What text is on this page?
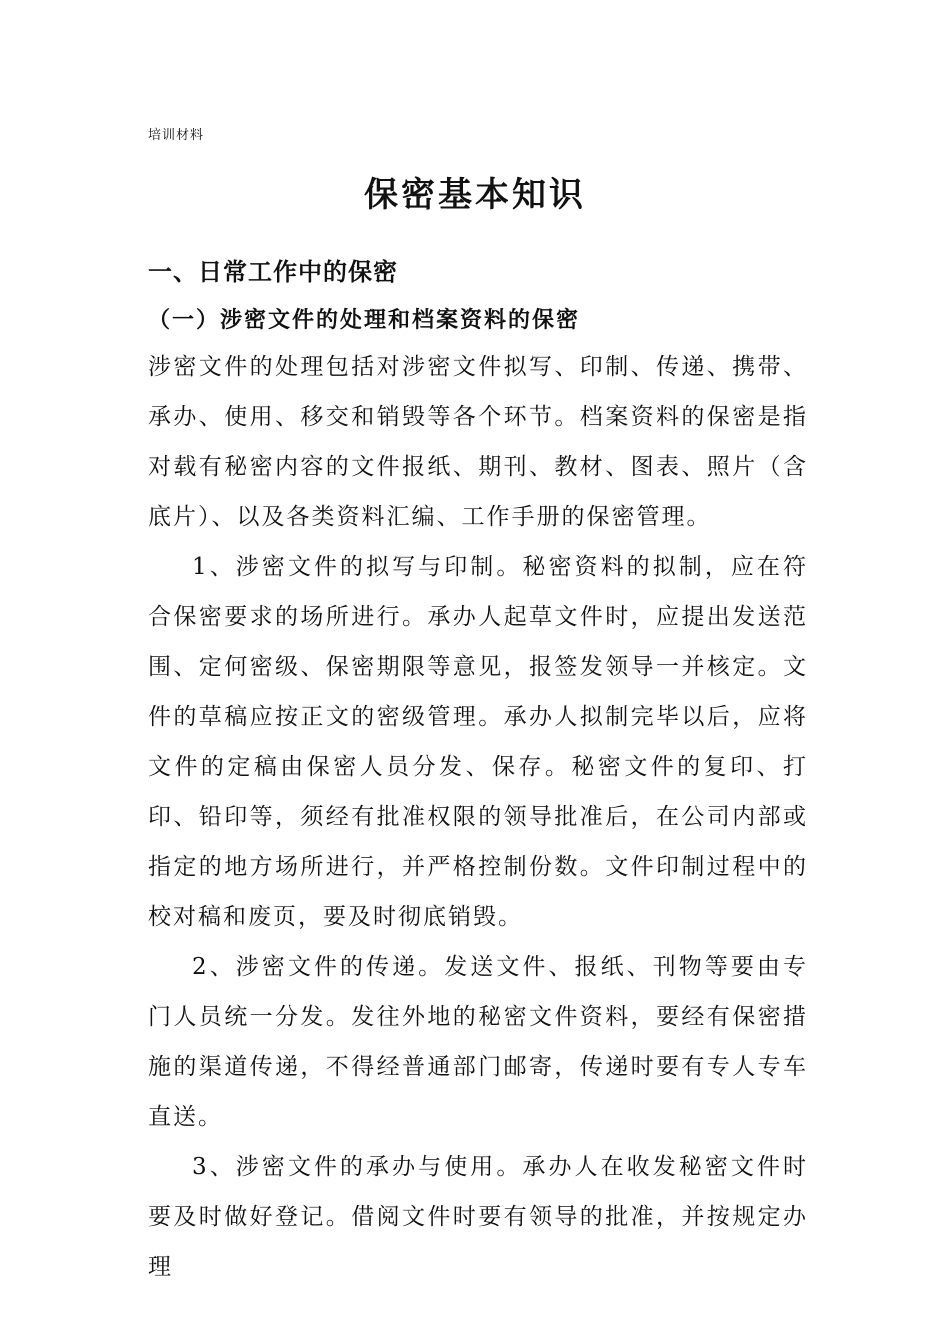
培训材料
保密基本知识
一、日常工作中的保密
（一）涉密文件的处理和档案资料的保密

涉密文件的处理包括对涉密文件拟写、印制、传递、携带、承办、使用、移交和销毁等各个环节。档案资料的保密是指对载有秘密内容的文件报纸、期刊、教材、图表、照片（含底片）、以及各类资料汇编、工作手册的保密管理。

1、涉密文件的拟写与印制。秘密资料的拟制，应在符合保密要求的场所进行。承办人起草文件时，应提出发送范围、定何密级、保密期限等意见，报签发领导一并核定。文件的草稿应按正文的密级管理。承办人拟制完毕以后，应将文件的定稿由保密人员分发、保存。秘密文件的复印、打印、铅印等，须经有批准权限的领导批准后，在公司内部或指定的地方场所进行，并严格控制份数。文件印制过程中的校对稿和废页，要及时彻底销毁。

2、涉密文件的传递。发送文件、报纸、刊物等要由专门人员统一分发。发往外地的秘密文件资料，要经有保密措施的渠道传递，不得经普通部门邮寄，传递时要有专人专车直送。

3、涉密文件的承办与使用。承办人在收发秘密文件时要及时做好登记。借阅文件时要有领导的批准，并按规定办理
